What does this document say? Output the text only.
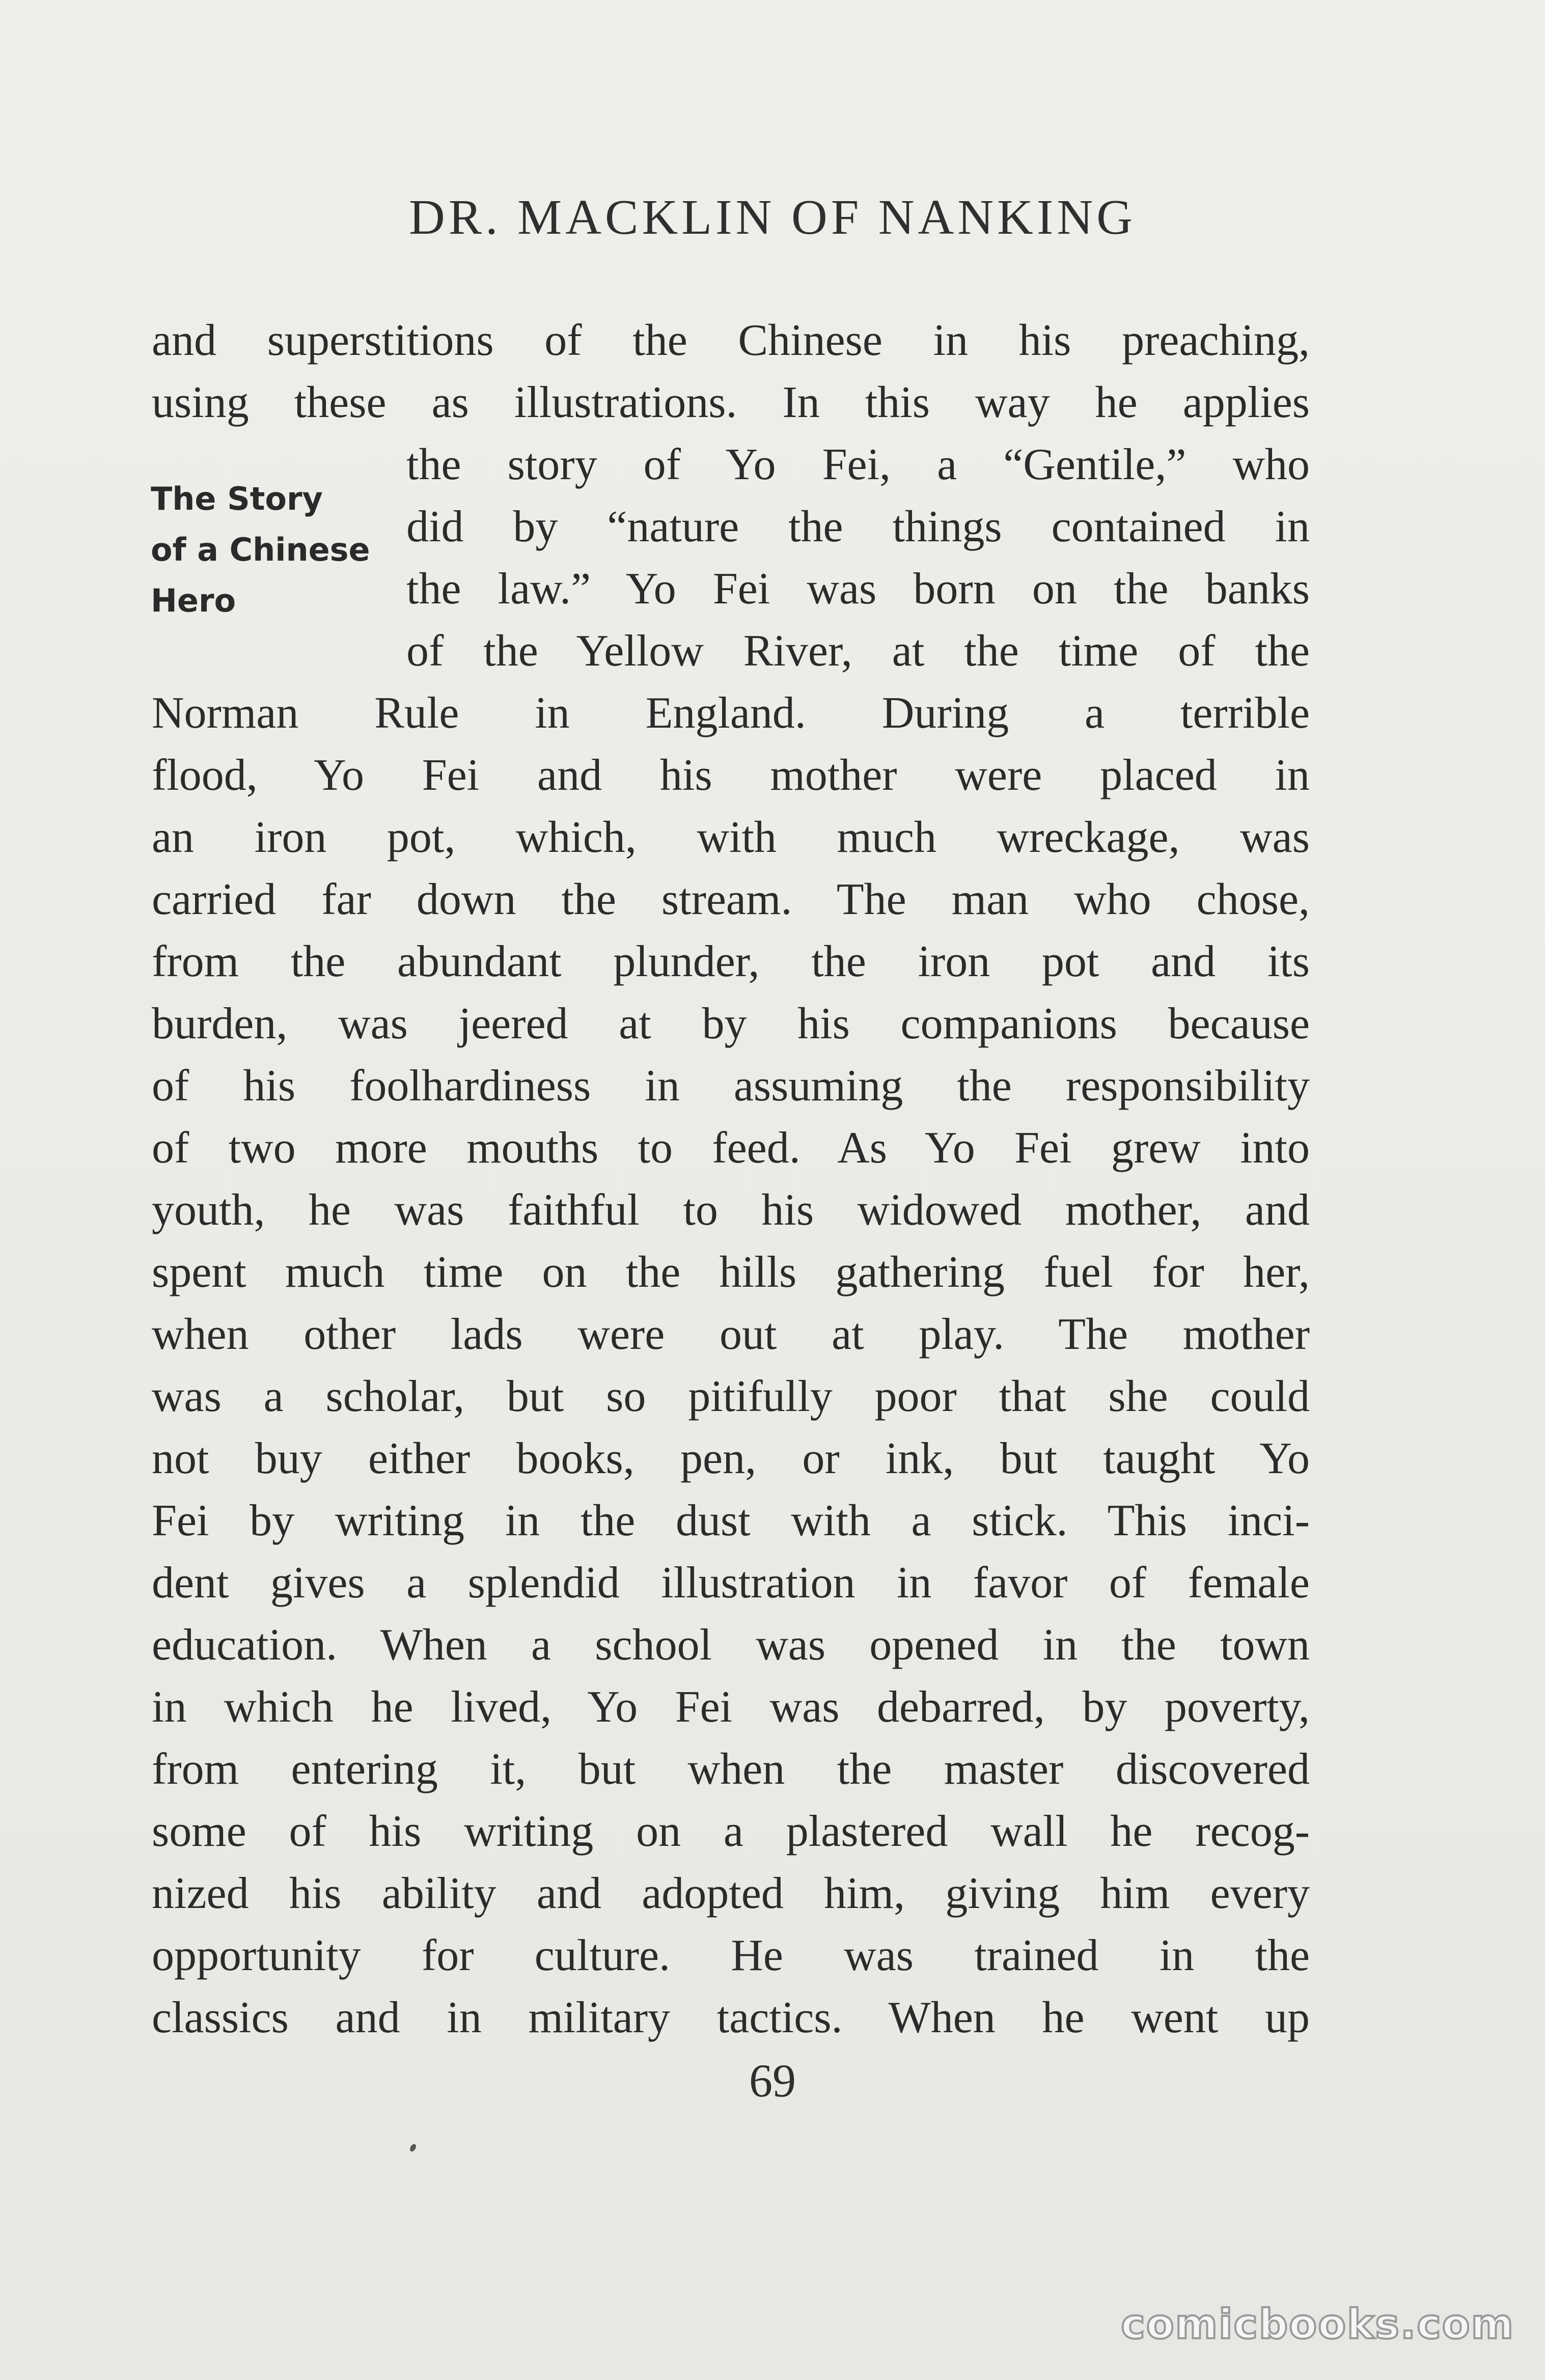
DR. MACKLIN OF NANKING
The Story
of a Chinese
Hero
and superstitions of the Chinese in his preaching,
using these as illustrations. In this way he applies
the story of Yo Fei, a “Gentile,” who
did by “nature the things contained in
the law.” Yo Fei was born on the banks
of the Yellow River, at the time of the
Norman Rule in England. During a terrible
flood, Yo Fei and his mother were placed in
an iron pot, which, with much wreckage, was
carried far down the stream. The man who chose,
from the abundant plunder, the iron pot and its
burden, was jeered at by his companions because
of his foolhardiness in assuming the responsibility
of two more mouths to feed. As Yo Fei grew into
youth, he was faithful to his widowed mother, and
spent much time on the hills gathering fuel for her,
when other lads were out at play. The mother
was a scholar, but so pitifully poor that she could
not buy either books, pen, or ink, but taught Yo
Fei by writing in the dust with a stick. This inci-
dent gives a splendid illustration in favor of female
education. When a school was opened in the town
in which he lived, Yo Fei was debarred, by poverty,
from entering it, but when the master discovered
some of his writing on a plastered wall he recog-
nized his ability and adopted him, giving him every
opportunity for culture. He was trained in the
classics and in military tactics. When he went up
69
comicbooks.com
